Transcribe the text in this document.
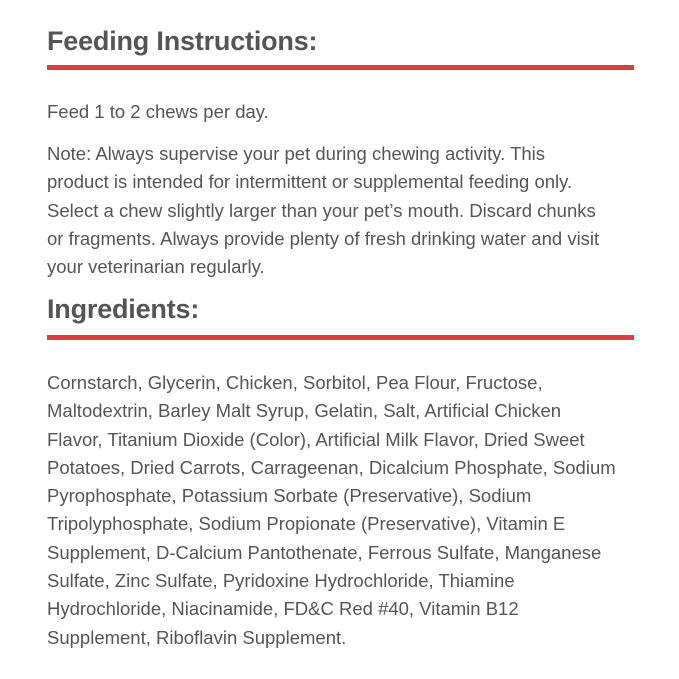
Feeding Instructions:

Feed 1 to 2 chews per day.

Note: Always supervise your pet during chewing activity. This
product is intended for intermittent or supplemental feeding only.
Select a chew slightly larger than your pet’s mouth. Discard chunks
or fragments. Always provide plenty of fresh drinking water and visit
your veterinarian regularly.

Ingredients:

Cornstarch, Glycerin, Chicken, Sorbitol, Pea Flour, Fructose,
Maltodextrin, Barley Malt Syrup, Gelatin, Salt, Artificial Chicken
Flavor, Titanium Dioxide (Color), Artificial Milk Flavor, Dried Sweet
Potatoes, Dried Carrots, Carrageenan, Dicalcium Phosphate, Sodium
Pyrophosphate, Potassium Sorbate (Preservative), Sodium
Tripolyphosphate, Sodium Propionate (Preservative), Vitamin E
Supplement, D-Calcium Pantothenate, Ferrous Sulfate, Manganese
Sulfate, Zinc Sulfate, Pyridoxine Hydrochloride, Thiamine
Hydrochloride, Niacinamide, FD&C Red #40, Vitamin B12
Supplement, Riboflavin Supplement.
